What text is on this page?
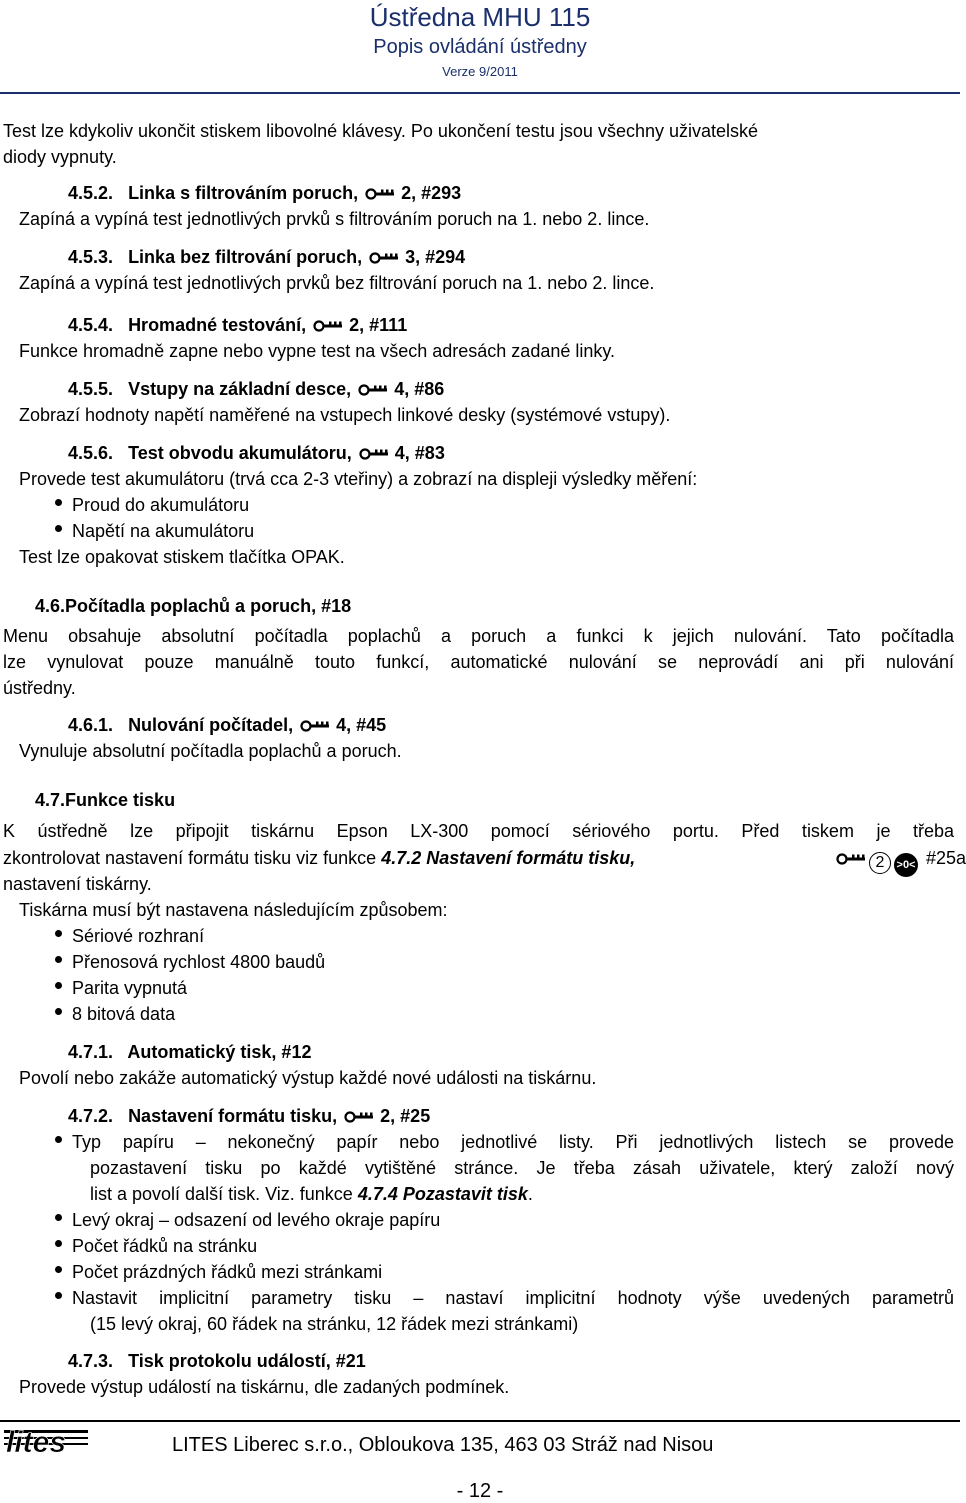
Ústředna MHU 115
Popis ovládání ústředny
Verze 9/2011
Test lze kdykoliv ukončit stiskem libovolné klávesy. Po ukončení testu jsou všechny uživatelské
diody vypnuty.
4.5.2. Linka s filtrováním poruch, 2, #293
Zapíná a vypíná test jednotlivých prvků s filtrováním poruch na 1. nebo 2. lince.
4.5.3. Linka bez filtrování poruch, 3, #294
Zapíná a vypíná test jednotlivých prvků bez filtrování poruch na 1. nebo 2. lince.
4.5.4. Hromadné testování, 2, #111
Funkce hromadně zapne nebo vypne test na všech adresách zadané linky.
4.5.5. Vstupy na základní desce, 4, #86
Zobrazí hodnoty napětí naměřené na vstupech linkové desky (systémové vstupy).
4.5.6. Test obvodu akumulátoru, 4, #83
Provede test akumulátoru (trvá cca 2-3 vteřiny) a zobrazí na displeji výsledky měření:
Proud do akumulátoru
Napětí na akumulátoru
Test lze opakovat stiskem tlačítka OPAK.
4.6.Počítadla poplachů a poruch, #18
Menu obsahuje absolutní počítadla poplachů a poruch a funkci k jejich nulování. Tato počítadla
lze vynulovat pouze manuálně touto funkcí, automatické nulování se neprovádí ani při nulování
ústředny.
4.6.1. Nulování počítadel, 4, #45
Vynuluje absolutní počítadla poplachů a poruch.
4.7.Funkce tisku
K ústředně lze připojit tiskárnu Epson LX-300 pomocí sériového portu. Před tiskem je třeba
zkontrolovat nastavení formátu tisku viz funkce 4.7.2 Nastavení formátu tisku,	2 >0< #25a
nastavení tiskárny.
Tiskárna musí být nastavena následujícím způsobem:
Sériové rozhraní
Přenosová rychlost 4800 baudů
Parita vypnutá
8 bitová data
4.7.1. Automatický tisk, #12
Povolí nebo zakáže automatický výstup každé nové události na tiskárnu.
4.7.2. Nastavení formátu tisku, 2, #25
Typ papíru – nekonečný papír nebo jednotlivé listy. Při jednotlivých listech se provede
pozastavení tisku po každé vytištěné stránce. Je třeba zásah uživatele, který založí nový
list a povolí další tisk. Viz. funkce 4.7.4 Pozastavit tisk.
Levý okraj – odsazení od levého okraje papíru
Počet řádků na stránku
Počet prázdných řádků mezi stránkami
Nastavit implicitní parametry tisku – nastaví implicitní hodnoty výše uvedených parametrů
(15 levý okraj, 60 řádek na stránku, 12 řádek mezi stránkami)
4.7.3. Tisk protokolu událostí, #21
Provede výstup událostí na tiskárnu, dle zadaných podmínek.
lites	LITES Liberec s.r.o., Obloukova 135, 463 03 Stráž nad Nisou
- 12 -
